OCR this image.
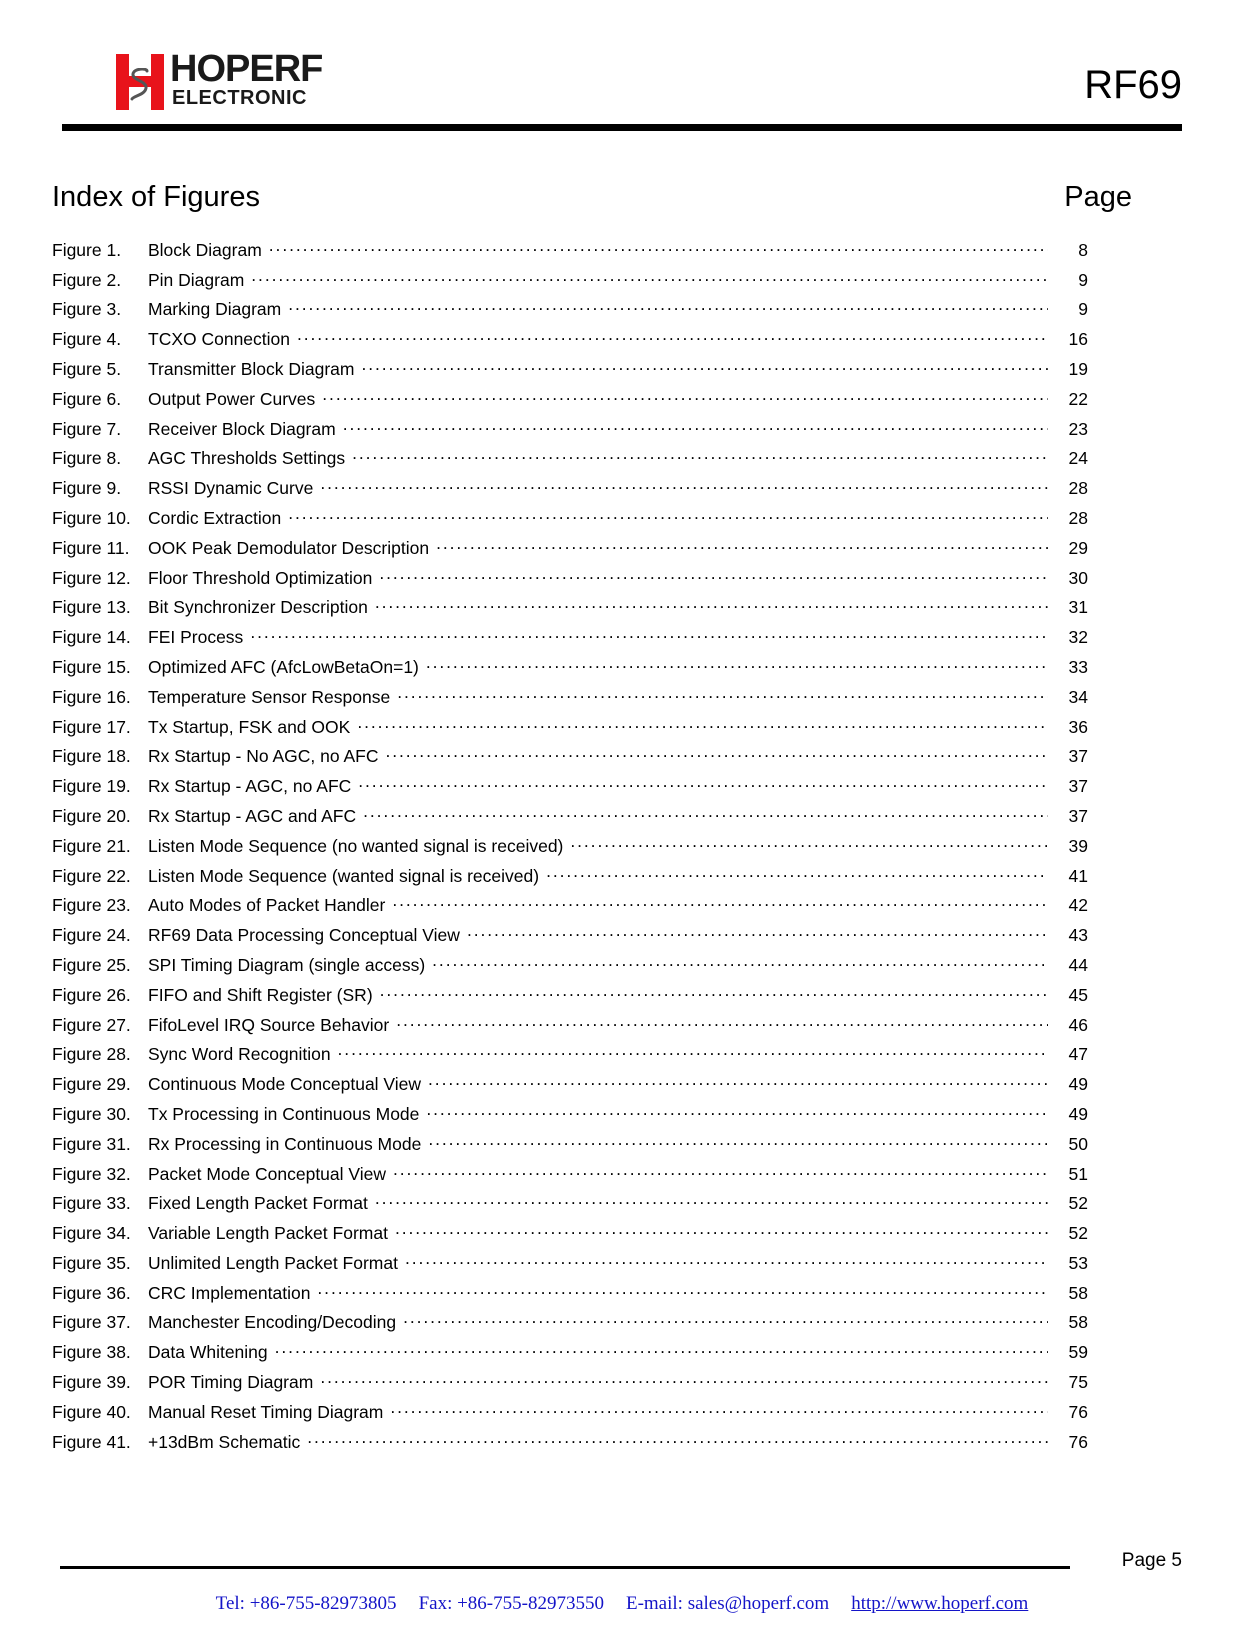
HOPERF
ELECTRONIC	RF69
Index of Figures	Page
Figure 1.	Block Diagram .....	8
Figure 2.	Pin Diagram .....	9
Figure 3.	Marking Diagram .....	9
Figure 4.	TCXO Connection .....	16
Figure 5.	Transmitter Block Diagram .....	19
Figure 6.	Output Power Curves .....	22
Figure 7.	Receiver Block Diagram .....	23
Figure 8.	AGC Thresholds Settings .....	24
Figure 9.	RSSI Dynamic Curve .....	28
Figure 10. Cordic Extraction .....	28
Figure 11.	OOK Peak Demodulator Description .....	29
Figure 12. Floor Threshold Optimization .....	30
Figure 13. Bit Synchronizer Description .....	31
Figure 14. FEI Process .....	32
Figure 15. Optimized AFC (AfcLowBetaOn=1) .....	33
Figure 16. Temperature Sensor Response .....	34
Figure 17. Tx Startup, FSK and OOK .....	36
Figure 18. Rx Startup - No AGC, no AFC .....	37
Figure 19. Rx Startup - AGC, no AFC .....	37
Figure 20. Rx Startup - AGC and AFC .....	37
Figure 21. Listen Mode Sequence (no wanted signal is received) .....	39
Figure 22. Listen Mode Sequence (wanted signal is received) .....	41
Figure 23. Auto Modes of Packet Handler .....	42
Figure 24. RF69 Data Processing Conceptual View .....	43
Figure 25. SPI Timing Diagram (single access) .....	44
Figure 26. FIFO and Shift Register (SR) .....	45
Figure 27. FifoLevel IRQ Source Behavior .....	46
Figure 28. Sync Word Recognition .....	47
Figure 29. Continuous Mode Conceptual View .....	49
Figure 30. Tx Processing in Continuous Mode .....	49
Figure 31. Rx Processing in Continuous Mode .....	50
Figure 32. Packet Mode Conceptual View .....	51
Figure 33. Fixed Length Packet Format .....	52
Figure 34. Variable Length Packet Format .....	52
Figure 35. Unlimited Length Packet Format .....	53
Figure 36. CRC Implementation .....	58
Figure 37. Manchester Encoding/Decoding .....	58
Figure 38. Data Whitening .....	59
Figure 39. POR Timing Diagram .....	75
Figure 40. Manual Reset Timing Diagram .....	76
Figure 41. +13dBm Schematic .....	76
Page 5
Tel: +86-755-82973805 Fax: +86-755-82973550 E-mail: sales@hoperf.com http://www.hoperf.com
